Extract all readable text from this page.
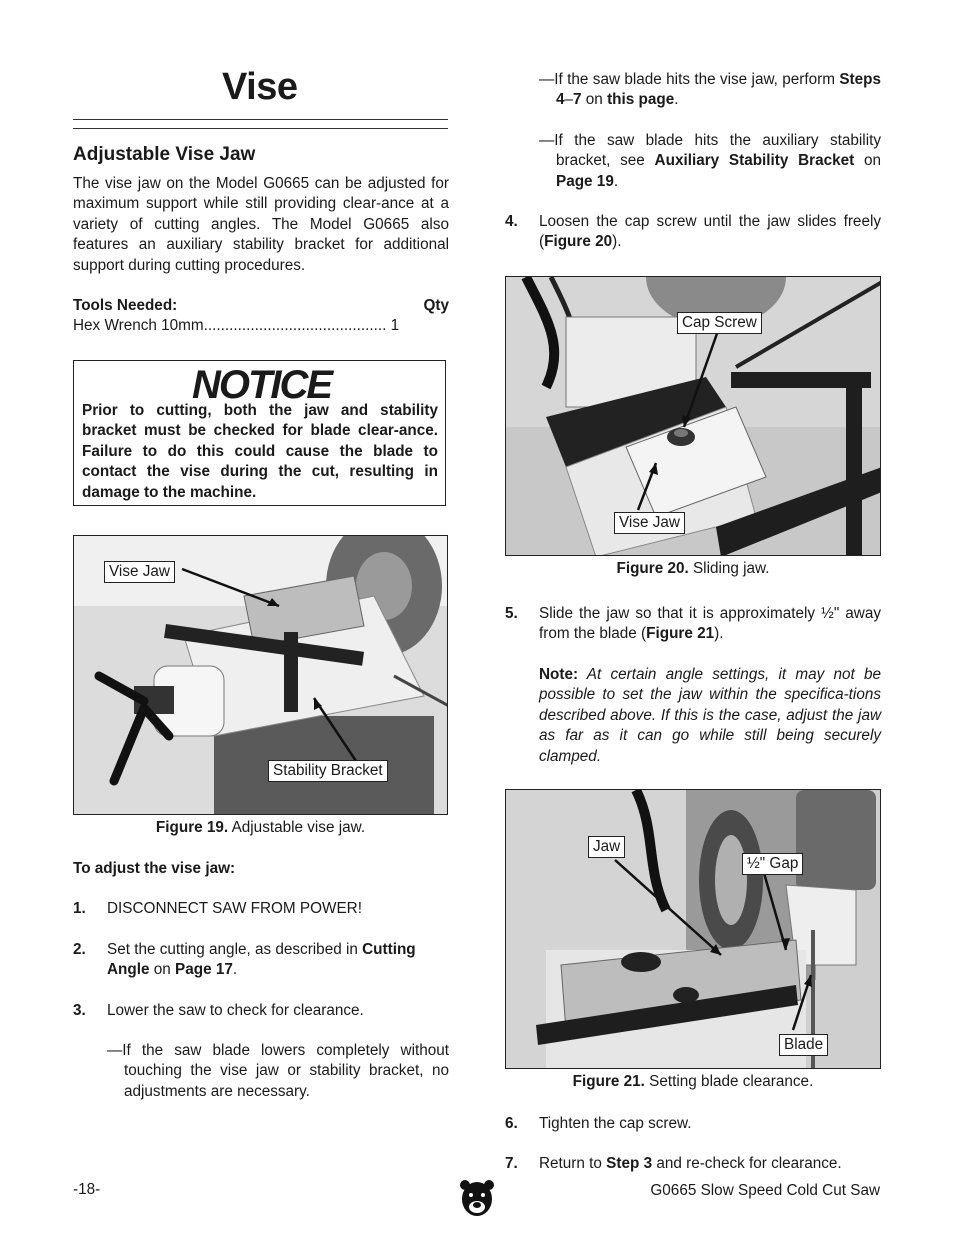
Vise
Adjustable Vise Jaw
The vise jaw on the Model G0665 can be adjusted for maximum support while still providing clear-ance at a variety of cutting angles. The Model G0665 also features an auxiliary stability bracket for additional support during cutting procedures.
Tools Needed:	Qty
Hex Wrench 10mm........................................... 1
NOTICE
Prior to cutting, both the jaw and stability bracket must be checked for blade clear-ance. Failure to do this could cause the blade to contact the vise during the cut, resulting in damage to the machine.
Vise Jaw
Stability Bracket
Figure 19. Adjustable vise jaw.
To adjust the vise jaw:
1. DISCONNECT SAW FROM POWER!
2. Set the cutting angle, as described in Cutting Angle on Page 17.
3. Lower the saw to check for clearance.
—If the saw blade lowers completely without touching the vise jaw or stability bracket, no adjustments are necessary.
—If the saw blade hits the vise jaw, perform Steps 4–7 on this page.
—If the saw blade hits the auxiliary stability bracket, see Auxiliary Stability Bracket on Page 19.
4. Loosen the cap screw until the jaw slides freely (Figure 20).
Cap Screw
Vise Jaw
Figure 20. Sliding jaw.
5. Slide the jaw so that it is approximately ½" away from the blade (Figure 21).
Note: At certain angle settings, it may not be possible to set the jaw within the specifica-tions described above. If this is the case, adjust the jaw as far as it can go while still being securely clamped.
Jaw
½" Gap
Blade
Figure 21. Setting blade clearance.
6. Tighten the cap screw.
7. Return to Step 3 and re-check for clearance.
-18-	G0665 Slow Speed Cold Cut Saw
